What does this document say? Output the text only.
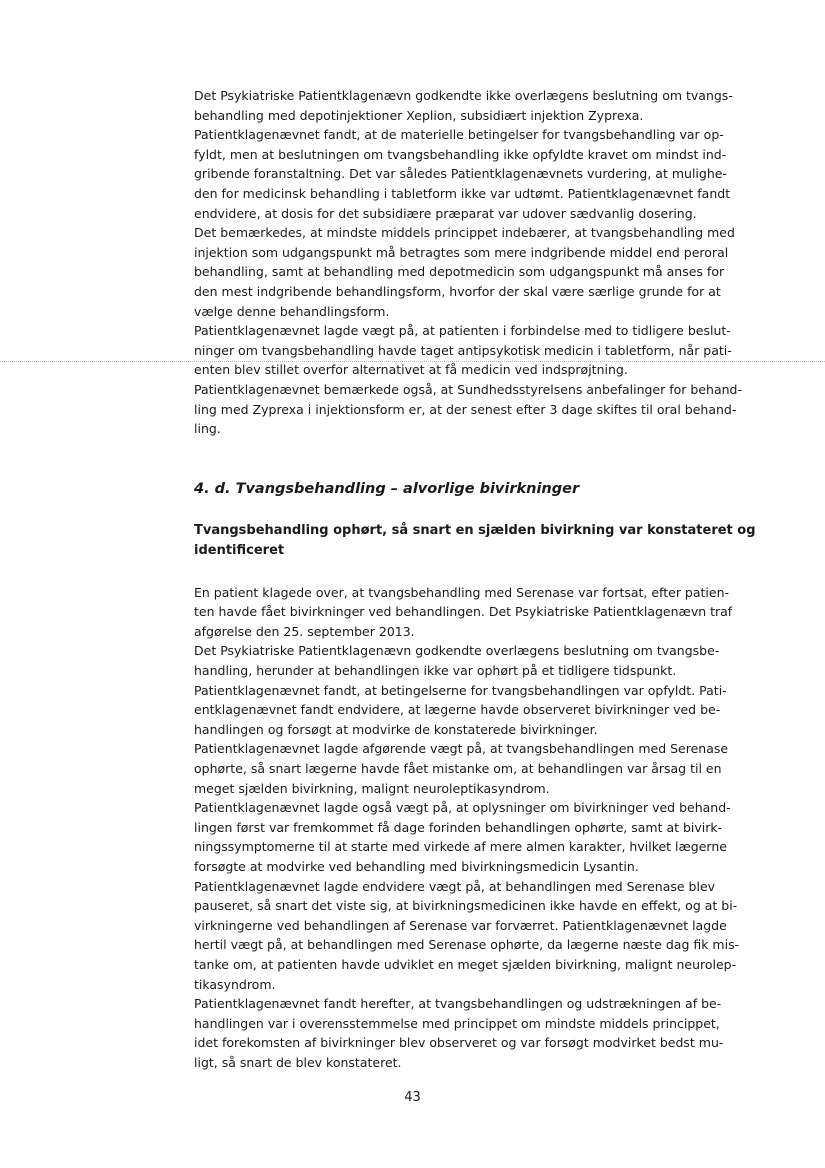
Det Psykiatriske Patientklagenævn godkendte ikke overlægens beslutning om tvangs-
behandling med depotinjektioner Xeplion, subsidiært injektion Zyprexa.

Patientklagenævnet fandt, at de materielle betingelser for tvangsbehandling var op-
fyldt, men at beslutningen om tvangsbehandling ikke opfyldte kravet om mindst ind-
gribende foranstaltning. Det var således Patientklagenævnets vurdering, at mulighe-
den for medicinsk behandling i tabletform ikke var udtømt. Patientklagenævnet fandt
endvidere, at dosis for det subsidiære præparat var udover sædvanlig dosering.

Det bemærkedes, at mindste middels princippet indebærer, at tvangsbehandling med
injektion som udgangspunkt må betragtes som mere indgribende middel end peroral
behandling, samt at behandling med depotmedicin som udgangspunkt må anses for
den mest indgribende behandlingsform, hvorfor der skal være særlige grunde for at
vælge denne behandlingsform.

Patientklagenævnet lagde vægt på, at patienten i forbindelse med to tidligere beslut-
ninger om tvangsbehandling havde taget antipsykotisk medicin i tabletform, når pati-
enten blev stillet overfor alternativet at få medicin ved indsprøjtning.

Patientklagenævnet bemærkede også, at Sundhedsstyrelsens anbefalinger for behand-
ling med Zyprexa i injektionsform er, at der senest efter 3 dage skiftes til oral behand-
ling.

4. d. Tvangsbehandling – alvorlige bivirkninger
Tvangsbehandling ophørt, så snart en sjælden bivirkning var konstateret og
identificeret

En patient klagede over, at tvangsbehandling med Serenase var fortsat, efter patien-
ten havde fået bivirkninger ved behandlingen. Det Psykiatriske Patientklagenævn traf
afgørelse den 25. september 2013.

Det Psykiatriske Patientklagenævn godkendte overlægens beslutning om tvangsbe-
handling, herunder at behandlingen ikke var ophørt på et tidligere tidspunkt.

Patientklagenævnet fandt, at betingelserne for tvangsbehandlingen var opfyldt. Pati-
entklagenævnet fandt endvidere, at lægerne havde observeret bivirkninger ved be-
handlingen og forsøgt at modvirke de konstaterede bivirkninger.

Patientklagenævnet lagde afgørende vægt på, at tvangsbehandlingen med Serenase
ophørte, så snart lægerne havde fået mistanke om, at behandlingen var årsag til en
meget sjælden bivirkning, malignt neuroleptikasyndrom.

Patientklagenævnet lagde også vægt på, at oplysninger om bivirkninger ved behand-
lingen først var fremkommet få dage forinden behandlingen ophørte, samt at bivirk-
ningssymptomerne til at starte med virkede af mere almen karakter, hvilket lægerne
forsøgte at modvirke ved behandling med bivirkningsmedicin Lysantin.

Patientklagenævnet lagde endvidere vægt på, at behandlingen med Serenase blev
pauseret, så snart det viste sig, at bivirkningsmedicinen ikke havde en effekt, og at bi-
virkningerne ved behandlingen af Serenase var forværret. Patientklagenævnet lagde
hertil vægt på, at behandlingen med Serenase ophørte, da lægerne næste dag fik mis-
tanke om, at patienten havde udviklet en meget sjælden bivirkning, malignt neurolep-
tikasyndrom.

Patientklagenævnet fandt herefter, at tvangsbehandlingen og udstrækningen af be-
handlingen var i overensstemmelse med princippet om mindste middels princippet,
idet forekomsten af bivirkninger blev observeret og var forsøgt modvirket bedst mu-
ligt, så snart de blev konstateret.

43
